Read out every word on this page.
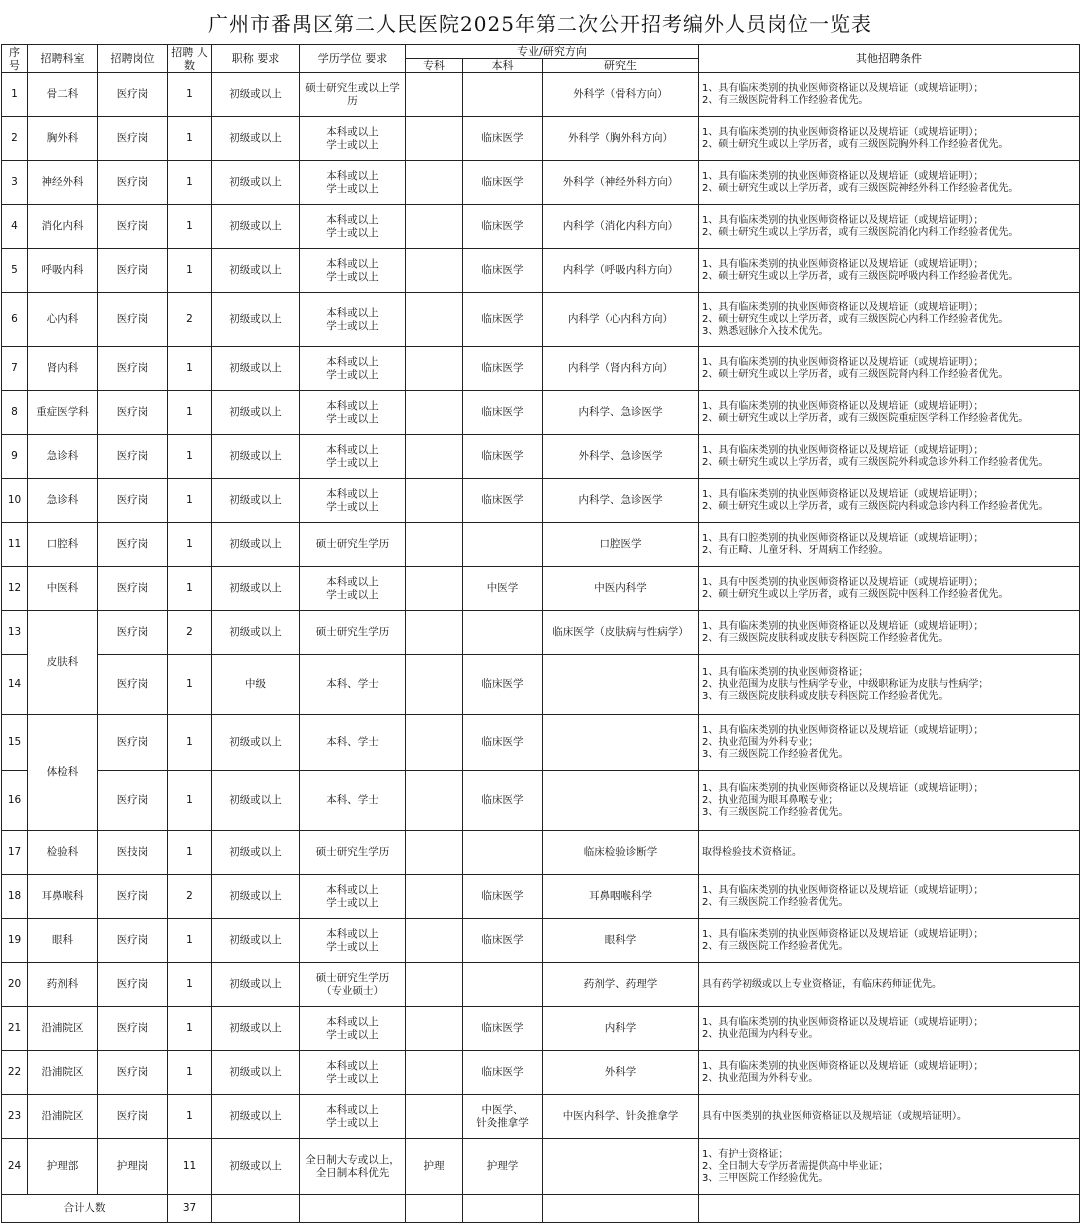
广州市番禺区第二人民医院2025年第二次公开招考编外人员岗位一览表
序号	招聘科室	招聘岗位	招聘 人数	职称 要求	学历学位 要求	专业/研究方向			其他招聘条件
						专科	本科	研究生	
1	骨二科	医疗岗	1	初级或以上	硕士研究生或以上学
历			外科学（骨科方向）	1、具有临床类别的执业医师资格证以及规培证（或规培证明）；
2、有三级医院骨科工作经验者优先。
2	胸外科	医疗岗	1	初级或以上	本科或以上
学士或以上		临床医学	外科学（胸外科方向）	1、具有临床类别的执业医师资格证以及规培证（或规培证明）；
2、硕士研究生或以上学历者，或有三级医院胸外科工作经验者优先。
3	神经外科	医疗岗	1	初级或以上	本科或以上
学士或以上		临床医学	外科学（神经外科方向）	1、具有临床类别的执业医师资格证以及规培证（或规培证明）；
2、硕士研究生或以上学历者，或有三级医院神经外科工作经验者优先。
4	消化内科	医疗岗	1	初级或以上	本科或以上
学士或以上		临床医学	内科学（消化内科方向）	1、具有临床类别的执业医师资格证以及规培证（或规培证明）；
2、硕士研究生或以上学历者，或有三级医院消化内科工作经验者优先。
5	呼吸内科	医疗岗	1	初级或以上	本科或以上
学士或以上		临床医学	内科学（呼吸内科方向）	1、具有临床类别的执业医师资格证以及规培证（或规培证明）；
2、硕士研究生或以上学历者，或有三级医院呼吸内科工作经验者优先。
6	心内科	医疗岗	2	初级或以上	本科或以上
学士或以上		临床医学	内科学（心内科方向）	1、具有临床类别的执业医师资格证以及规培证（或规培证明）；
2、硕士研究生或以上学历者，或有三级医院心内科工作经验者优先。
3、熟悉冠脉介入技术优先。
7	肾内科	医疗岗	1	初级或以上	本科或以上
学士或以上		临床医学	内科学（肾内科方向）	1、具有临床类别的执业医师资格证以及规培证（或规培证明）；
2、硕士研究生或以上学历者，或有三级医院肾内科工作经验者优先。
8	重症医学科	医疗岗	1	初级或以上	本科或以上
学士或以上		临床医学	内科学、急诊医学	1、具有临床类别的执业医师资格证以及规培证（或规培证明）；
2、硕士研究生或以上学历者，或有三级医院重症医学科工作经验者优先。
9	急诊科	医疗岗	1	初级或以上	本科或以上
学士或以上		临床医学	外科学、急诊医学	1、具有临床类别的执业医师资格证以及规培证（或规培证明）；
2、硕士研究生或以上学历者，或有三级医院外科或急诊外科工作经验者优先。
10	急诊科	医疗岗	1	初级或以上	本科或以上
学士或以上		临床医学	内科学、急诊医学	1、具有临床类别的执业医师资格证以及规培证（或规培证明）；
2、硕士研究生或以上学历者，或有三级医院内科或急诊内科工作经验者优先。
11	口腔科	医疗岗	1	初级或以上	硕士研究生学历			口腔医学	1、具有口腔类别的执业医师资格证以及规培证（或规培证明）；
2、有正畸、儿童牙科、牙周病工作经验。
12	中医科	医疗岗	1	初级或以上	本科或以上
学士或以上		中医学	中医内科学	1、具有中医类别的执业医师资格证以及规培证（或规培证明）；
2、硕士研究生或以上学历者，或有三级医院中医科工作经验者优先。
13	皮肤科	医疗岗	2	初级或以上	硕士研究生学历			临床医学（皮肤病与性病学）	1、具有临床类别的执业医师资格证以及规培证（或规培证明）；
2、有三级医院皮肤科或皮肤专科医院工作经验者优先。
14		医疗岗	1	中级	本科、学士		临床医学		1、具有临床类别的执业医师资格证；
2、执业范围为皮肤与性病学专业，中级职称证为皮肤与性病学；
3、有三级医院皮肤科或皮肤专科医院工作经验者优先。
15	体检科	医疗岗	1	初级或以上	本科、学士		临床医学		1、具有临床类别的执业医师资格证以及规培证（或规培证明）；
2、执业范围为外科专业；
3、有三级医院工作经验者优先。
16		医疗岗	1	初级或以上	本科、学士		临床医学		1、具有临床类别的执业医师资格证以及规培证（或规培证明）；
2、执业范围为眼耳鼻喉专业；
3、有三级医院工作经验者优先。
17	检验科	医技岗	1	初级或以上	硕士研究生学历			临床检验诊断学	取得检验技术资格证。
18	耳鼻喉科	医疗岗	2	初级或以上	本科或以上
学士或以上		临床医学	耳鼻咽喉科学	1、具有临床类别的执业医师资格证以及规培证（或规培证明）；
2、有三级医院工作经验者优先。
19	眼科	医疗岗	1	初级或以上	本科或以上
学士或以上		临床医学	眼科学	1、具有临床类别的执业医师资格证以及规培证（或规培证明）；
2、有三级医院工作经验者优先。
20	药剂科	医疗岗	1	初级或以上	硕士研究生学历
（专业硕士）			药剂学、药理学	具有药学初级或以上专业资格证，有临床药师证优先。
21	沿浦院区	医疗岗	1	初级或以上	本科或以上
学士或以上		临床医学	内科学	1、具有临床类别的执业医师资格证以及规培证（或规培证明）；
2、执业范围为内科专业。
22	沿浦院区	医疗岗	1	初级或以上	本科或以上
学士或以上		临床医学	外科学	1、具有临床类别的执业医师资格证以及规培证（或规培证明）；
2、执业范围为外科专业。
23	沿浦院区	医疗岗	1	初级或以上	本科或以上
学士或以上		中医学、
针灸推拿学	中医内科学、针灸推拿学	具有中医类别的执业医师资格证以及规培证（或规培证明）。
24	护理部	护理岗	11	初级或以上	全日制大专或以上，
全日制本科优先	护理	护理学		1、有护士资格证；
2、全日制大专学历者需提供高中毕业证；
3、三甲医院工作经验优先。
合计人数			37						
